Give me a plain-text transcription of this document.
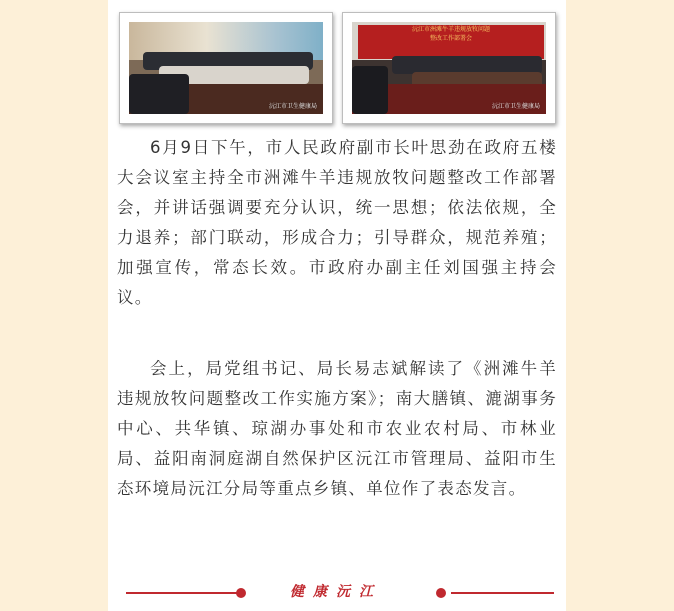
沅江市卫生健康局
沅江市洲滩牛羊违规放牧问题
整改工作部署会
沅江市卫生健康局

6月9日下午，市人民政府副市长叶思劲在政府五楼大会议室主持全市洲滩牛羊违规放牧问题整改工作部署会，并讲话强调要充分认识，统一思想；依法依规，全力退养；部门联动，形成合力；引导群众，规范养殖；加强宣传，常态长效。市政府办副主任刘国强主持会议。

会上，局党组书记、局长易志斌解读了《洲滩牛羊违规放牧问题整改工作实施方案》；南大膳镇、漉湖事务中心、共华镇、琼湖办事处和市农业农村局、市林业局、益阳南洞庭湖自然保护区沅江市管理局、益阳市生态环境局沅江分局等重点乡镇、单位作了表态发言。

健康沅江
